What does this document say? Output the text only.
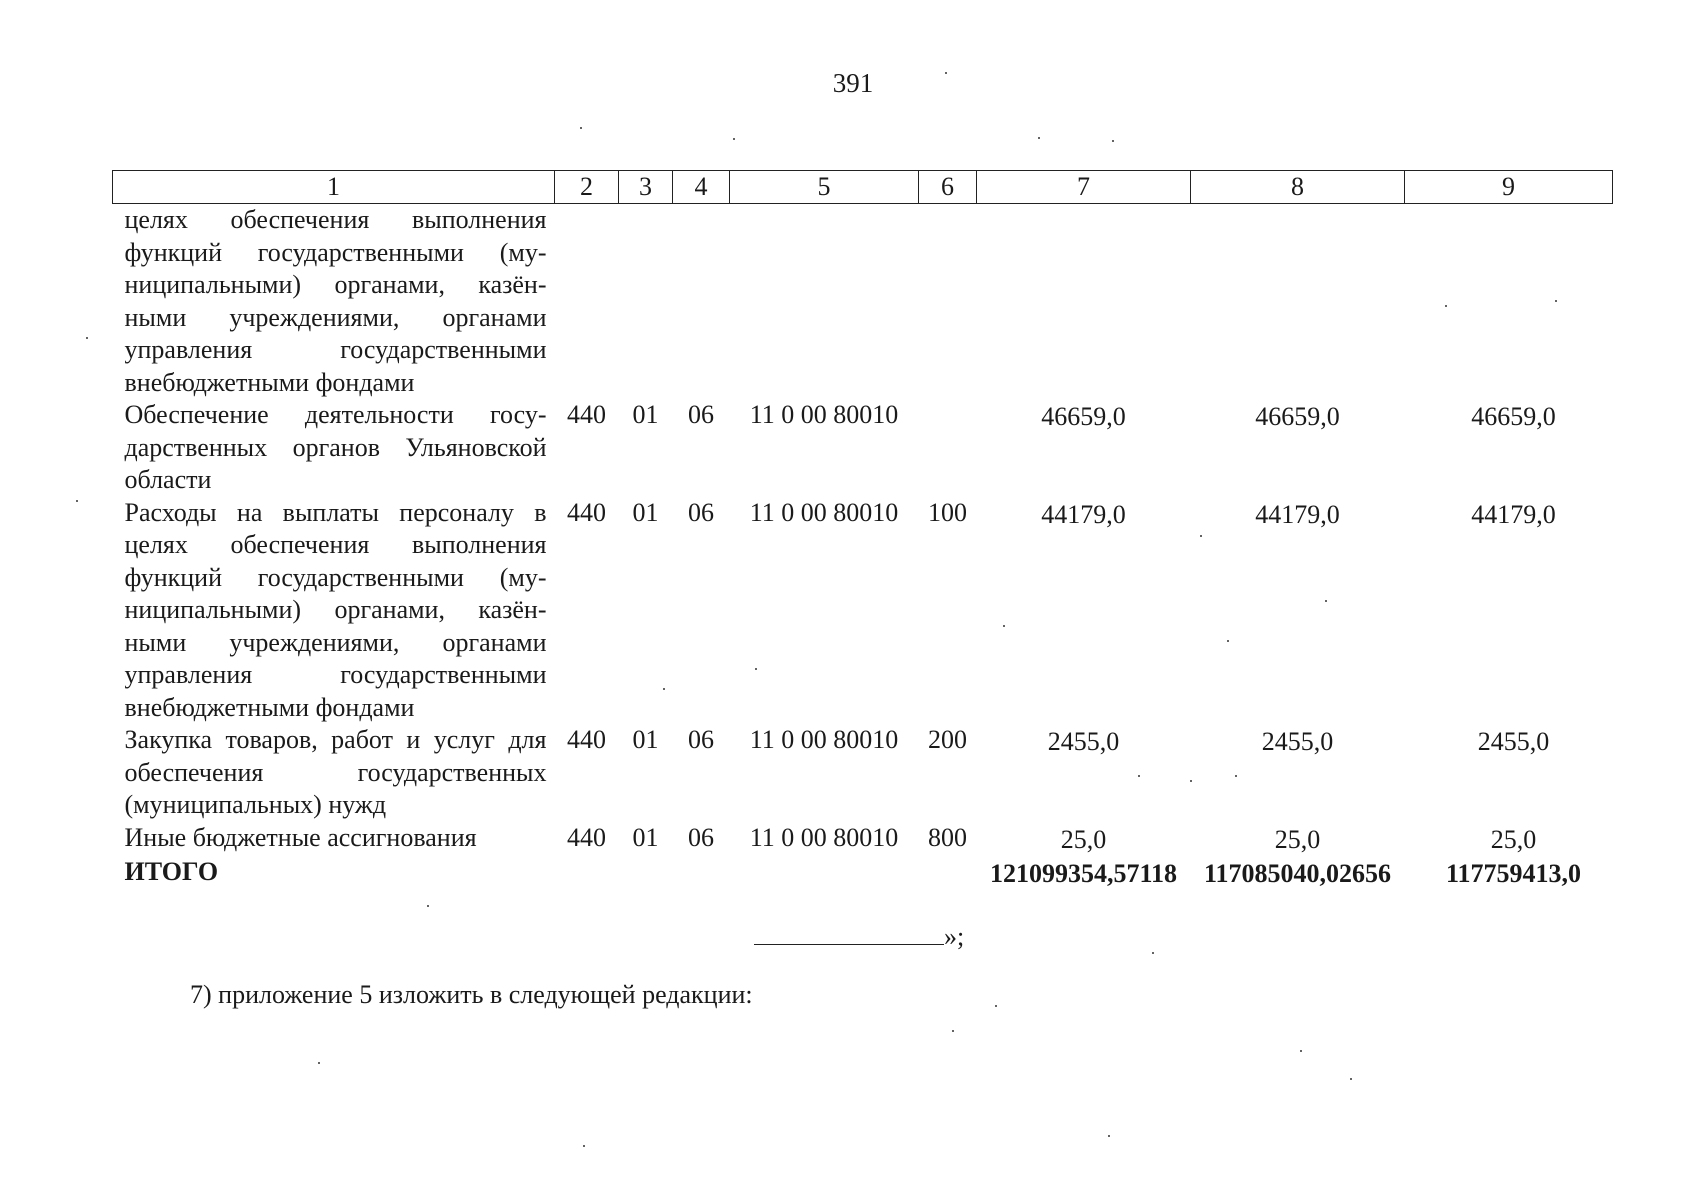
391
1	2	3	4	5	6	7	8	9
целях обеспечения выполнения функций государственными (му-ниципальными) органами, казён-ными учреждениями, органами управления государственными внебюджетными фондами								
Обеспечение деятельности госу-дарственных органов Ульяновской области	440	01	06	11 0 00 80010		46659,0	46659,0	46659,0
Расходы на выплаты персоналу в целях обеспечения выполнения функций государственными (му-ниципальными) органами, казён-ными учреждениями, органами управления государственными внебюджетными фондами	440	01	06	11 0 00 80010	100	44179,0	44179,0	44179,0
Закупка товаров, работ и услуг для обеспечения государственных (муниципальных) нужд	440	01	06	11 0 00 80010	200	2455,0	2455,0	2455,0
Иные бюджетные ассигнования	440	01	06	11 0 00 80010	800	25,0	25,0	25,0
ИТОГО						121099354,57118	117085040,02656	117759413,0
»;
7) приложение 5 изложить в следующей редакции:
